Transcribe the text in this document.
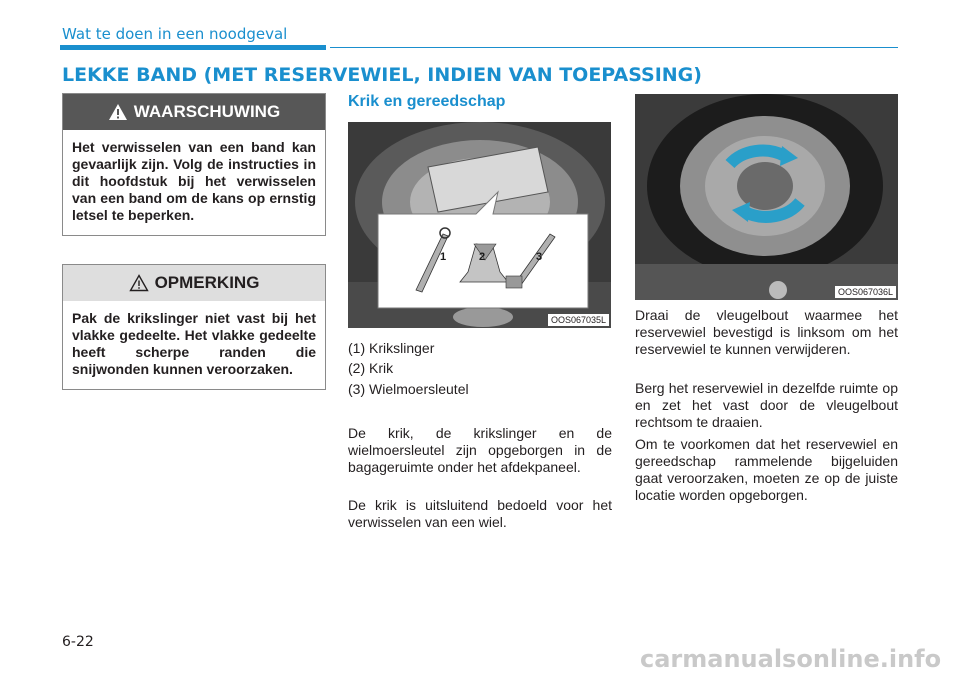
Wat te doen in een noodgeval
LEKKE BAND (MET RESERVEWIEL, INDIEN VAN TOEPASSING)
WAARSCHUWING
Het verwisselen van een band kan gevaarlijk zijn. Volg de instructies in dit hoofdstuk bij het verwisselen van een band om de kans op ernstig letsel te beperken.
OPMERKING
Pak de krikslinger niet vast bij het vlakke gedeelte. Het vlakke gedeelte heeft scherpe randen die snijwonden kunnen veroorzaken.
Krik en gereedschap
1	2	3
OOS067035L
(1) Krikslinger
(2) Krik
(3) Wielmoersleutel
De krik, de krikslinger en de wielmoersleutel zijn opgeborgen in de bagageruimte onder het afdekpaneel.
De krik is uitsluitend bedoeld voor het verwisselen van een wiel.
OOS067036L
Draai de vleugelbout waarmee het reservewiel bevestigd is linksom om het reservewiel te kunnen verwijderen.
Berg het reservewiel in dezelfde ruimte op en zet het vast door de vleugelbout rechtsom te draaien.
Om te voorkomen dat het reservewiel en gereedschap rammelende bijgeluiden gaat veroorzaken, moeten ze op de juiste locatie worden opgeborgen.
6-22
carmanualsonline.info
